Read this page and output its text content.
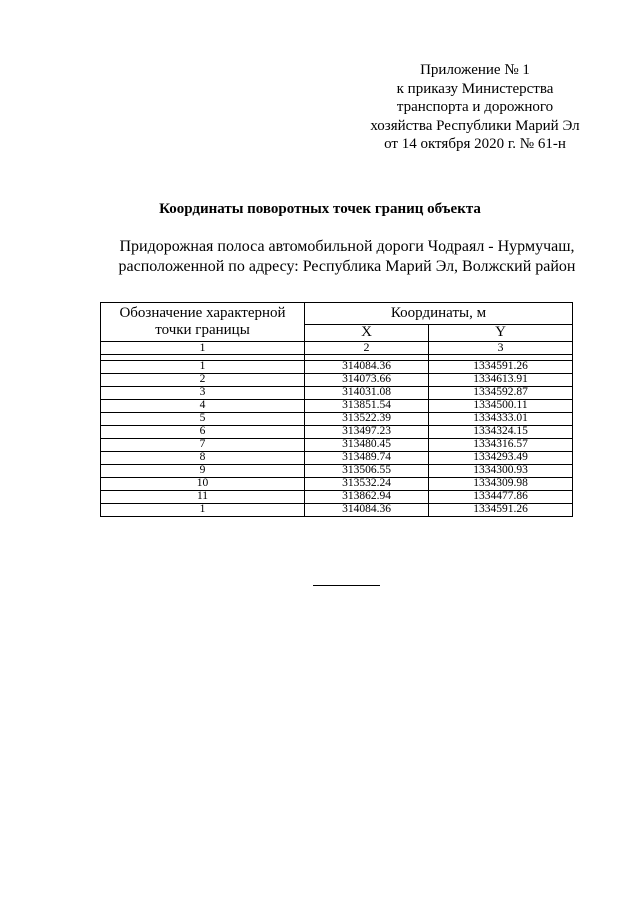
Приложение № 1
к приказу Министерства
транспорта и дорожного
хозяйства Республики Марий Эл
от 14 октября 2020 г. № 61-н
Координаты поворотных точек границ объекта
Придорожная полоса автомобильной дороги Чодраял - Нурмучаш,
расположенной по адресу: Республика Марий Эл, Волжский район
Обозначение характерной точки границы	Координаты, м	
	X	Y
1	2	3

1	314084.36	1334591.26
2	314073.66	1334613.91
3	314031.08	1334592.87
4	313851.54	1334500.11
5	313522.39	1334333.01
6	313497.23	1334324.15
7	313480.45	1334316.57
8	313489.74	1334293.49
9	313506.55	1334300.93
10	313532.24	1334309.98
11	313862.94	1334477.86
1	314084.36	1334591.26
